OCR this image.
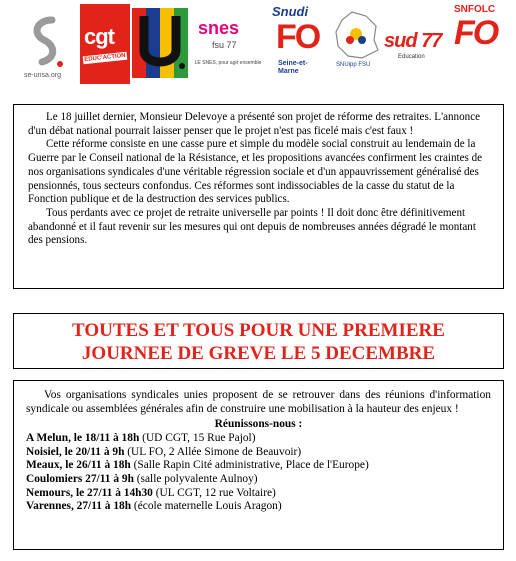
se-unsa.org
cgt
ÉDUC'ACTION
snes
fsu 77
LE SNES, pour agir ensemble
Snudi
FO
Seine-et-Marne
SNUipp FSU
sud 77
Education
SNFOLC
FO

Le 18 juillet dernier, Monsieur Delevoye a présenté son projet de réforme des retraites. L'annonce d'un débat national pourrait laisser penser que le projet n'est pas ficelé mais c'est faux !

Cette réforme consiste en une casse pure et simple du modèle social construit au lendemain de la Guerre par le Conseil national de la Résistance, et les propositions avancées confirment les craintes de nos organisations syndicales d'une véritable régression sociale et d'un appauvrissement généralisé des pensionnés, tous secteurs confondus. Ces réformes sont indissociables de la casse du statut de la Fonction publique et de la destruction des services publics.

Tous perdants avec ce projet de retraite universelle par points ! Il doit donc être définitivement abandonné et il faut revenir sur les mesures qui ont depuis de nombreuses années dégradé le montant des pensions.

TOUTES ET TOUS POUR UNE PREMIERE
JOURNEE DE GREVE LE 5 DECEMBRE

Vos organisations syndicales unies proposent de se retrouver dans des réunions d'information syndicale ou assemblées générales afin de construire une mobilisation à la hauteur des enjeux !

Réunissons-nous :

A Melun, le 18/11 à 18h (UD CGT, 15 Rue Pajol)
Noisiel, le 20/11 à 9h (UL FO, 2 Allée Simone de Beauvoir)
Meaux, le 26/11 à 18h (Salle Rapin Cité administrative, Place de l'Europe)
Coulomiers 27/11 à 9h (salle polyvalente Aulnoy)
Nemours, le 27/11 à 14h30 (UL CGT, 12 rue Voltaire)
Varennes, 27/11 à 18h (école maternelle Louis Aragon)
